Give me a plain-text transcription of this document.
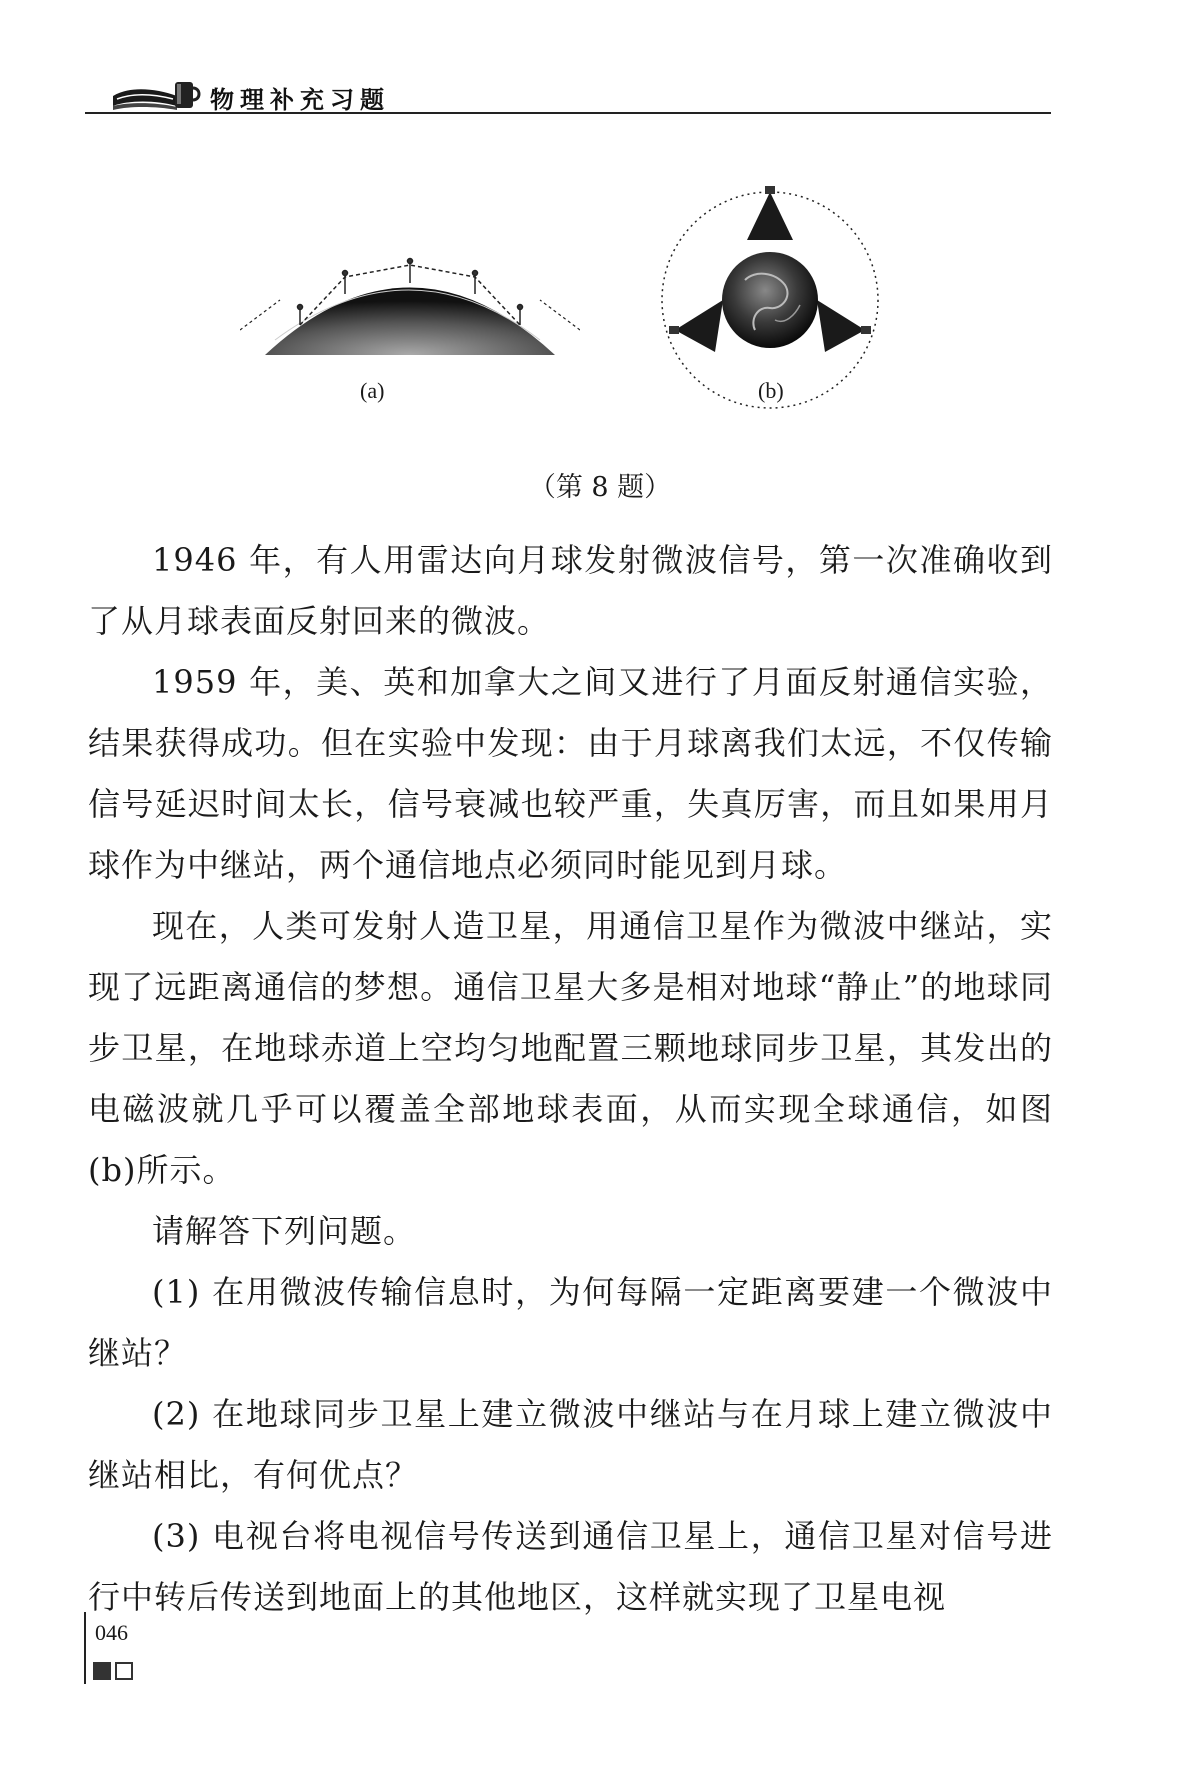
物理补充习题
(a)	(b)
（第 8 题）

1946 年，有人用雷达向月球发射微波信号，第一次准确收到了从月球表面反射回来的微波。

1959 年，美、英和加拿大之间又进行了月面反射通信实验，结果获得成功。但在实验中发现：由于月球离我们太远，不仅传输信号延迟时间太长，信号衰减也较严重，失真厉害，而且如果用月球作为中继站，两个通信地点必须同时能见到月球。

现在，人类可发射人造卫星，用通信卫星作为微波中继站，实现了远距离通信的梦想。通信卫星大多是相对地球“静止”的地球同步卫星，在地球赤道上空均匀地配置三颗地球同步卫星，其发出的电磁波就几乎可以覆盖全部地球表面，从而实现全球通信，如图(b)所示。

请解答下列问题。

(1) 在用微波传输信息时，为何每隔一定距离要建一个微波中继站？

(2) 在地球同步卫星上建立微波中继站与在月球上建立微波中继站相比，有何优点？

(3) 电视台将电视信号传送到通信卫星上，通信卫星对信号进行中转后传送到地面上的其他地区，这样就实现了卫星电视

046
